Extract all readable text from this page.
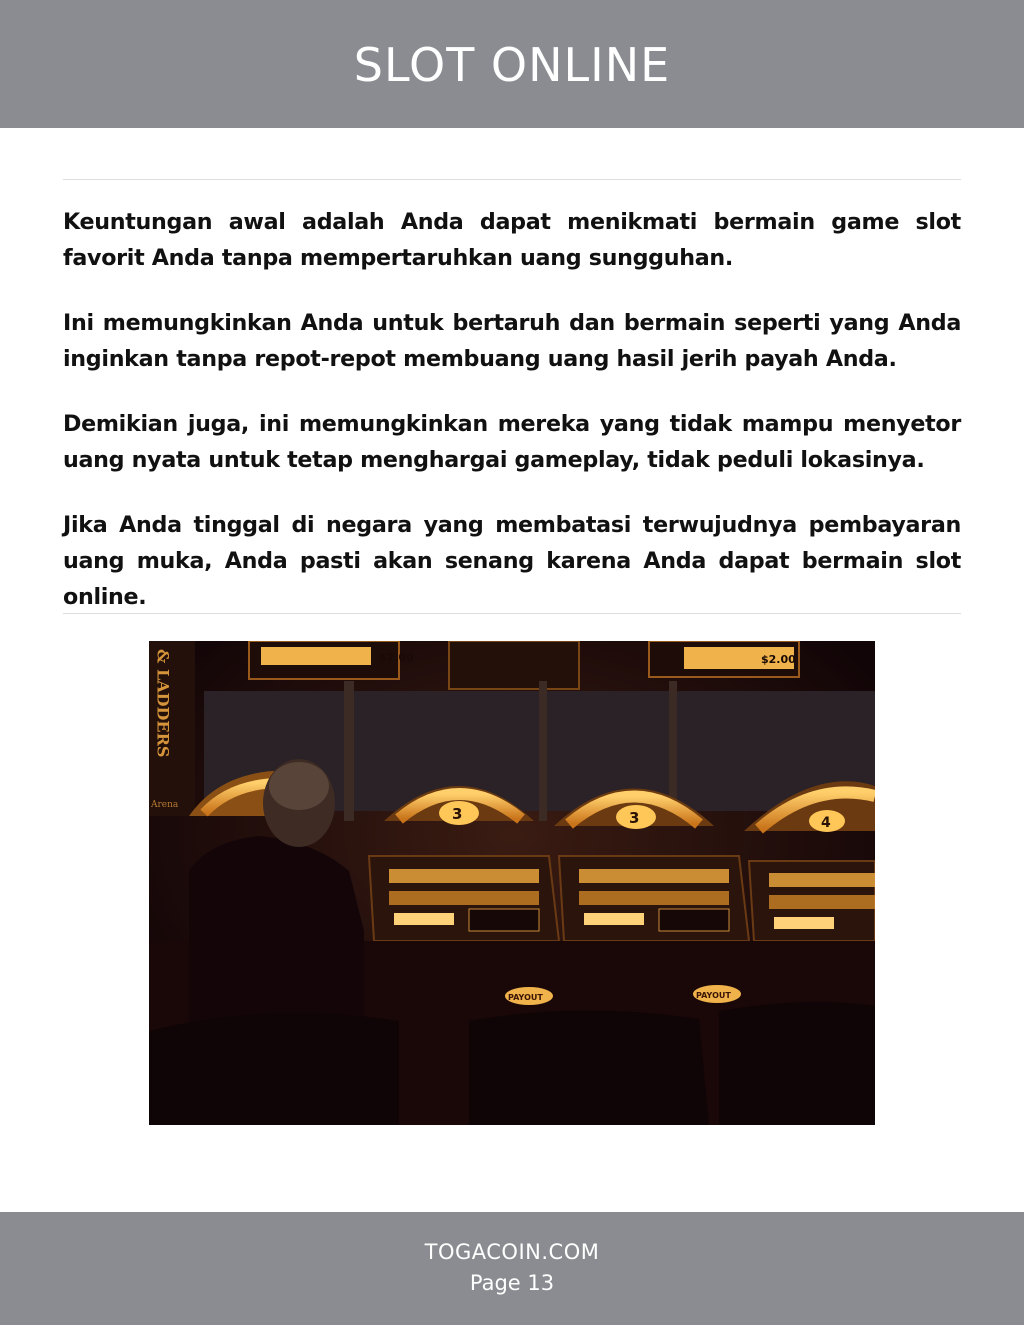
SLOT ONLINE

Keuntungan awal adalah Anda dapat menikmati bermain game slot favorit Anda tanpa mempertaruhkan uang sungguhan.

Ini memungkinkan Anda untuk bertaruh dan bermain seperti yang Anda inginkan tanpa repot-repot membuang uang hasil jerih payah Anda.

Demikian juga, ini memungkinkan mereka yang tidak mampu menyetor uang nyata untuk tetap menghargai gameplay, tidak peduli lokasinya.

Jika Anda tinggal di negara yang membatasi terwujudnya pembayaran uang muka, Anda pasti akan senang karena Anda dapat bermain slot online.

$2.00	$2.00
& LADDERS
Arena	3	3	4
PAYOUT	PAYOUT
TOGACOIN.COM
Page 13
